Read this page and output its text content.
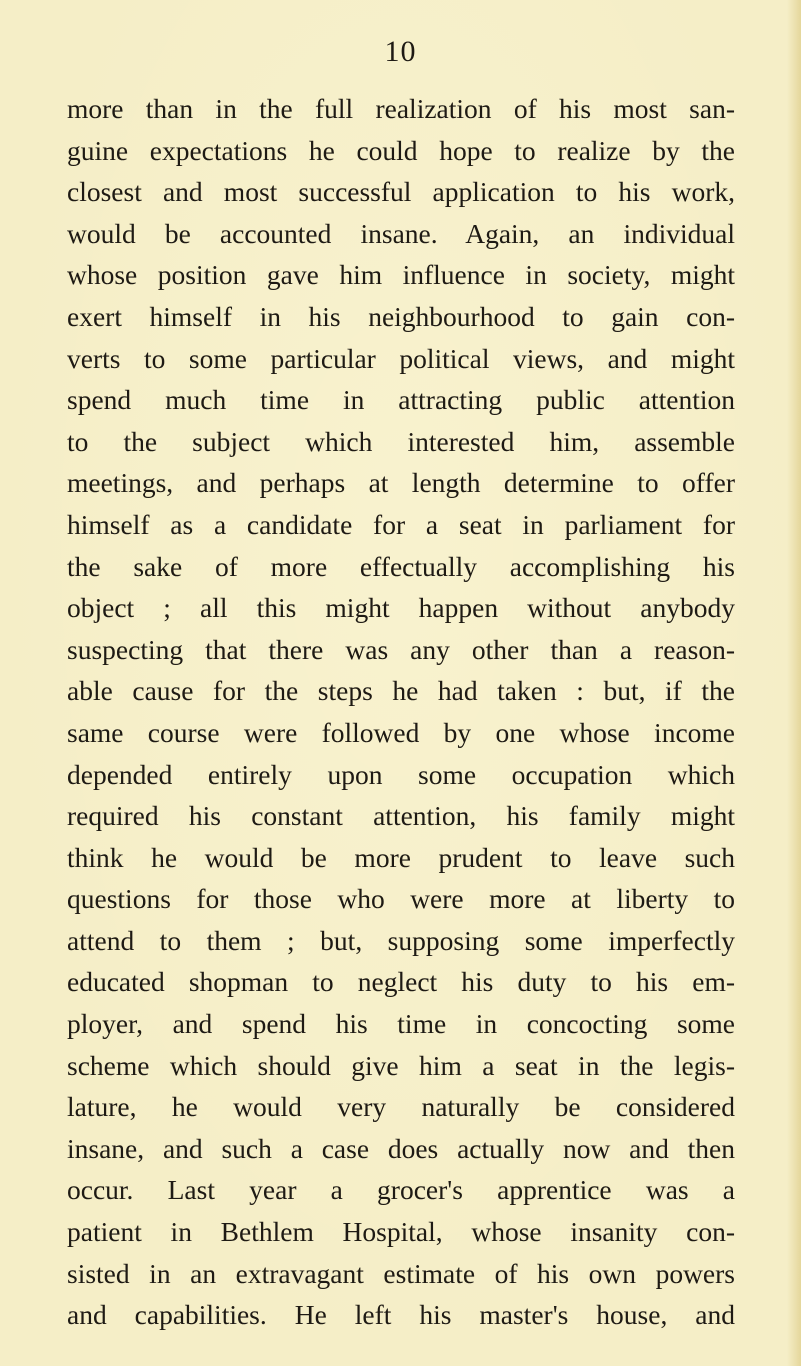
10
more than in the full realization of his most san-
guine expectations he could hope to realize by the
closest and most successful application to his work,
would be accounted insane. Again, an individual
whose position gave him influence in society, might
exert himself in his neighbourhood to gain con-
verts to some particular political views, and might
spend much time in attracting public attention
to the subject which interested him, assemble
meetings, and perhaps at length determine to offer
himself as a candidate for a seat in parliament for
the sake of more effectually accomplishing his
object ; all this might happen without anybody
suspecting that there was any other than a reason-
able cause for the steps he had taken : but, if the
same course were followed by one whose income
depended entirely upon some occupation which
required his constant attention, his family might
think he would be more prudent to leave such
questions for those who were more at liberty to
attend to them ; but, supposing some imperfectly
educated shopman to neglect his duty to his em-
ployer, and spend his time in concocting some
scheme which should give him a seat in the legis-
lature, he would very naturally be considered
insane, and such a case does actually now and then
occur. Last year a grocer's apprentice was a
patient in Bethlem Hospital, whose insanity con-
sisted in an extravagant estimate of his own powers
and capabilities. He left his master's house, and
